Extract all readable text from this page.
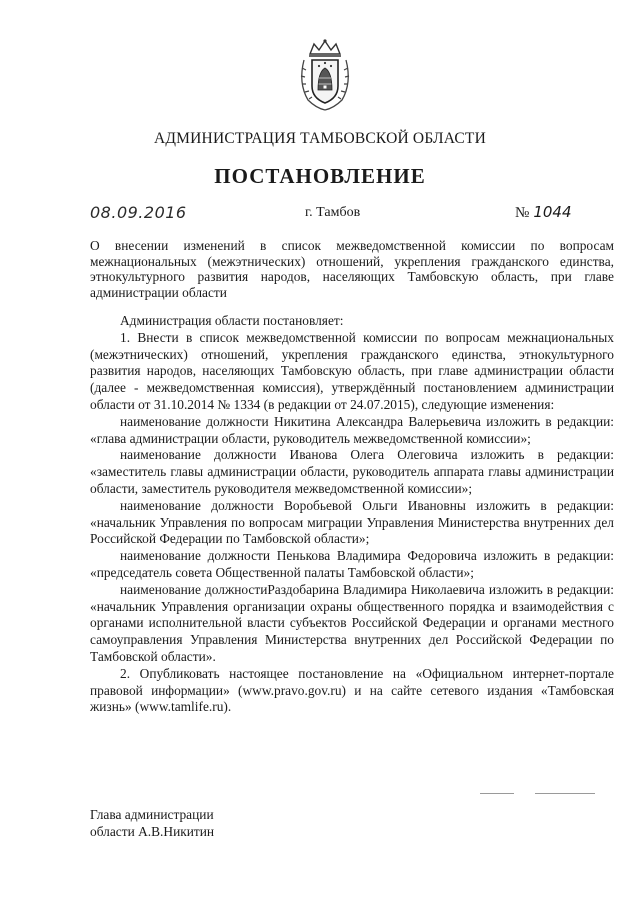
АДМИНИСТРАЦИЯ ТАМБОВСКОЙ ОБЛАСТИ
ПОСТАНОВЛЕНИЕ
08.09.2016	г. Тамбов	№ 1044
О внесении изменений в список межведомственной комиссии по вопросам межнациональных (межэтнических) отношений, укрепления гражданского единства, этнокультурного развития народов, населяющих Тамбовскую область, при главе администрации области

Администрация области постановляет:

1. Внести в список межведомственной комиссии по вопросам межнациональных (межэтнических) отношений, укрепления гражданского единства, этнокультурного развития народов, населяющих Тамбовскую область, при главе администрации области (далее - межведомственная комиссия), утверждённый постановлением администрации области от 31.10.2014 № 1334 (в редакции от 24.07.2015), следующие изменения:

наименование должности Никитина Александра Валерьевича изложить в редакции: «глава администрации области, руководитель межведомственной комиссии»;

наименование должности Иванова Олега Олеговича изложить в редакции: «заместитель главы администрации области, руководитель аппарата главы администрации области, заместитель руководителя межведомственной комиссии»;

наименование должности Воробьевой Ольги Ивановны изложить в редакции: «начальник Управления по вопросам миграции Управления Министерства внутренних дел Российской Федерации по Тамбовской области»;

наименование должности Пенькова Владимира Федоровича изложить в редакции: «председатель совета Общественной палаты Тамбовской области»;

наименование должностиРаздобарина Владимира Николаевича изложить в редакции: «начальник Управления организации охраны общественного порядка и взаимодействия с органами исполнительной власти субъектов Российской Федерации и органами местного самоуправления Управления Министерства внутренних дел Российской Федерации по Тамбовской области».

2. Опубликовать настоящее постановление на «Официальном интернет-портале правовой информации» (www.pravo.gov.ru) и на сайте сетевого издания «Тамбовская жизнь» (www.tamlife.ru).

Глава администрации
области А.В.Никитин
